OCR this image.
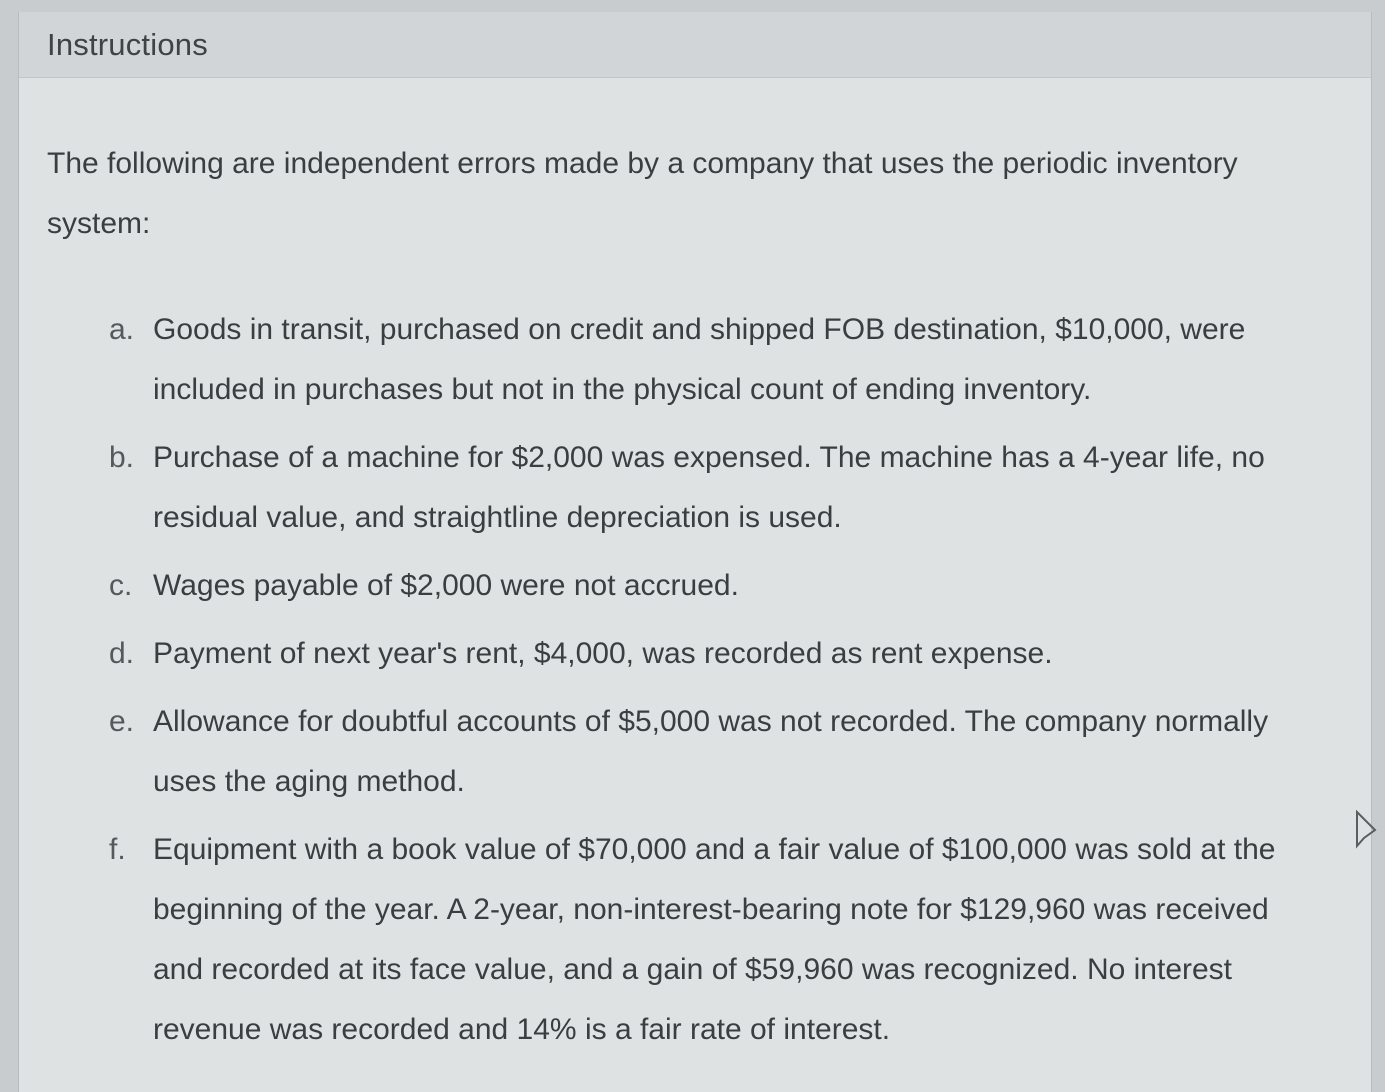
Instructions
The following are independent errors made by a company that uses the periodic inventory system:
a. Goods in transit, purchased on credit and shipped FOB destination, $10,000, were included in purchases but not in the physical count of ending inventory.
b. Purchase of a machine for $2,000 was expensed. The machine has a 4-year life, no residual value, and straightline depreciation is used.
c. Wages payable of $2,000 were not accrued.
d. Payment of next year's rent, $4,000, was recorded as rent expense.
e. Allowance for doubtful accounts of $5,000 was not recorded. The company normally uses the aging method.
f. Equipment with a book value of $70,000 and a fair value of $100,000 was sold at the beginning of the year. A 2-year, non-interest-bearing note for $129,960 was received and recorded at its face value, and a gain of $59,960 was recognized. No interest revenue was recorded and 14% is a fair rate of interest.
